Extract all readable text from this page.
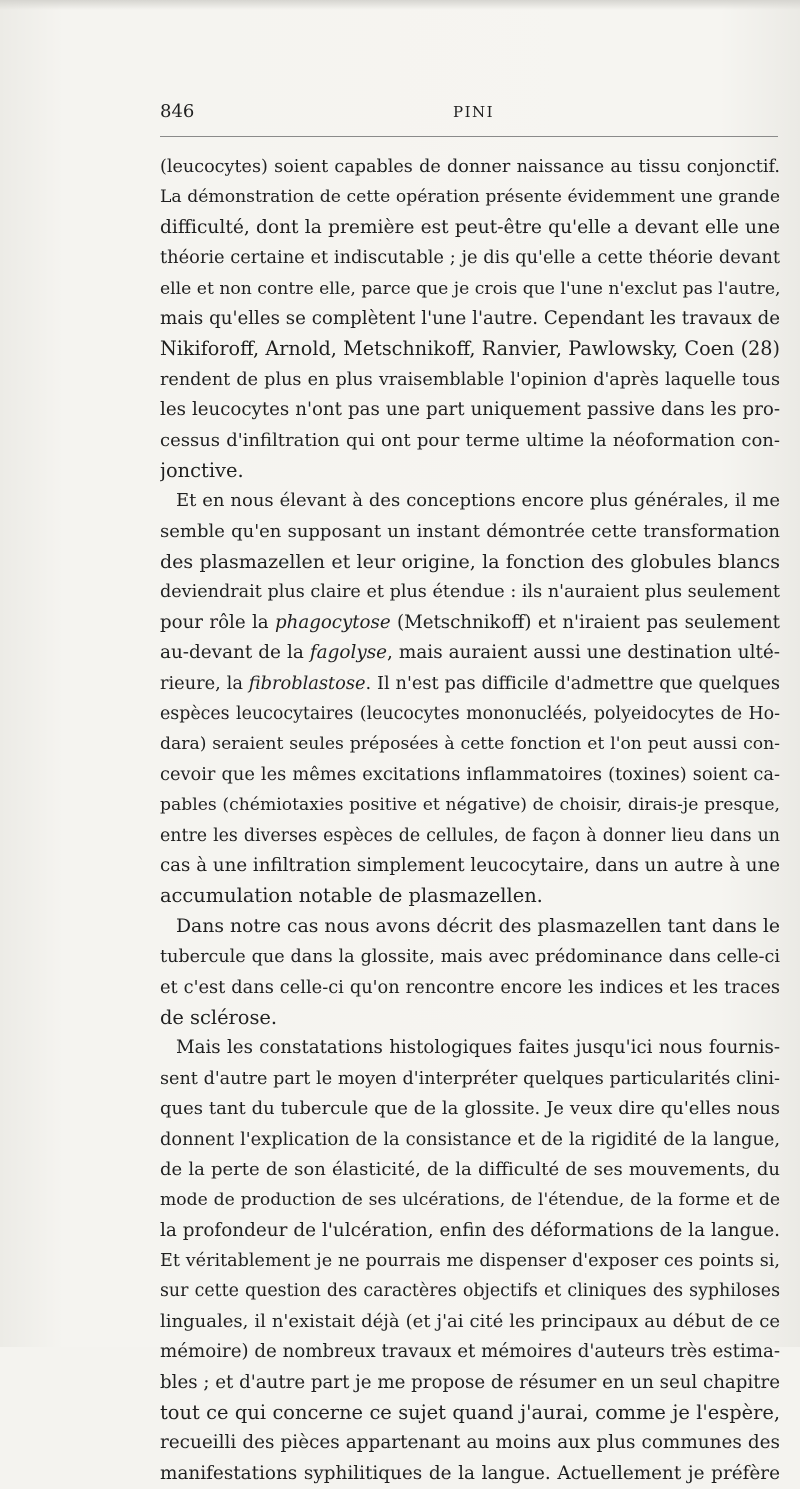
846	PINI
(leucocytes) soient capables de donner naissance au tissu conjonctif.
La démonstration de cette opération présente évidemment une grande
difficulté, dont la première est peut-être qu'elle a devant elle une
théorie certaine et indiscutable ; je dis qu'elle a cette théorie devant
elle et non contre elle, parce que je crois que l'une n'exclut pas l'autre,
mais qu'elles se complètent l'une l'autre. Cependant les travaux de
Nikiforoff, Arnold, Metschnikoff, Ranvier, Pawlowsky, Coen (28)
rendent de plus en plus vraisemblable l'opinion d'après laquelle tous
les leucocytes n'ont pas une part uniquement passive dans les pro-
cessus d'infiltration qui ont pour terme ultime la néoformation con-
jonctive.
Et en nous élevant à des conceptions encore plus générales, il me
semble qu'en supposant un instant démontrée cette transformation
des plasmazellen et leur origine, la fonction des globules blancs
deviendrait plus claire et plus étendue : ils n'auraient plus seulement
pour rôle la phagocytose (Metschnikoff) et n'iraient pas seulement
au-devant de la fagolyse, mais auraient aussi une destination ulté-
rieure, la fibroblastose. Il n'est pas difficile d'admettre que quelques
espèces leucocytaires (leucocytes mononucléés, polyeidocytes de Ho-
dara) seraient seules préposées à cette fonction et l'on peut aussi con-
cevoir que les mêmes excitations inflammatoires (toxines) soient ca-
pables (chémiotaxies positive et négative) de choisir, dirais-je presque,
entre les diverses espèces de cellules, de façon à donner lieu dans un
cas à une infiltration simplement leucocytaire, dans un autre à une
accumulation notable de plasmazellen.
Dans notre cas nous avons décrit des plasmazellen tant dans le
tubercule que dans la glossite, mais avec prédominance dans celle-ci
et c'est dans celle-ci qu'on rencontre encore les indices et les traces
de sclérose.
Mais les constatations histologiques faites jusqu'ici nous fournis-
sent d'autre part le moyen d'interpréter quelques particularités clini-
ques tant du tubercule que de la glossite. Je veux dire qu'elles nous
donnent l'explication de la consistance et de la rigidité de la langue,
de la perte de son élasticité, de la difficulté de ses mouvements, du
mode de production de ses ulcérations, de l'étendue, de la forme et de
la profondeur de l'ulcération, enfin des déformations de la langue.
Et véritablement je ne pourrais me dispenser d'exposer ces points si,
sur cette question des caractères objectifs et cliniques des syphiloses
linguales, il n'existait déjà (et j'ai cité les principaux au début de ce
mémoire) de nombreux travaux et mémoires d'auteurs très estima-
bles ; et d'autre part je me propose de résumer en un seul chapitre
tout ce qui concerne ce sujet quand j'aurai, comme je l'espère,
recueilli des pièces appartenant au moins aux plus communes des
manifestations syphilitiques de la langue. Actuellement je préfère
